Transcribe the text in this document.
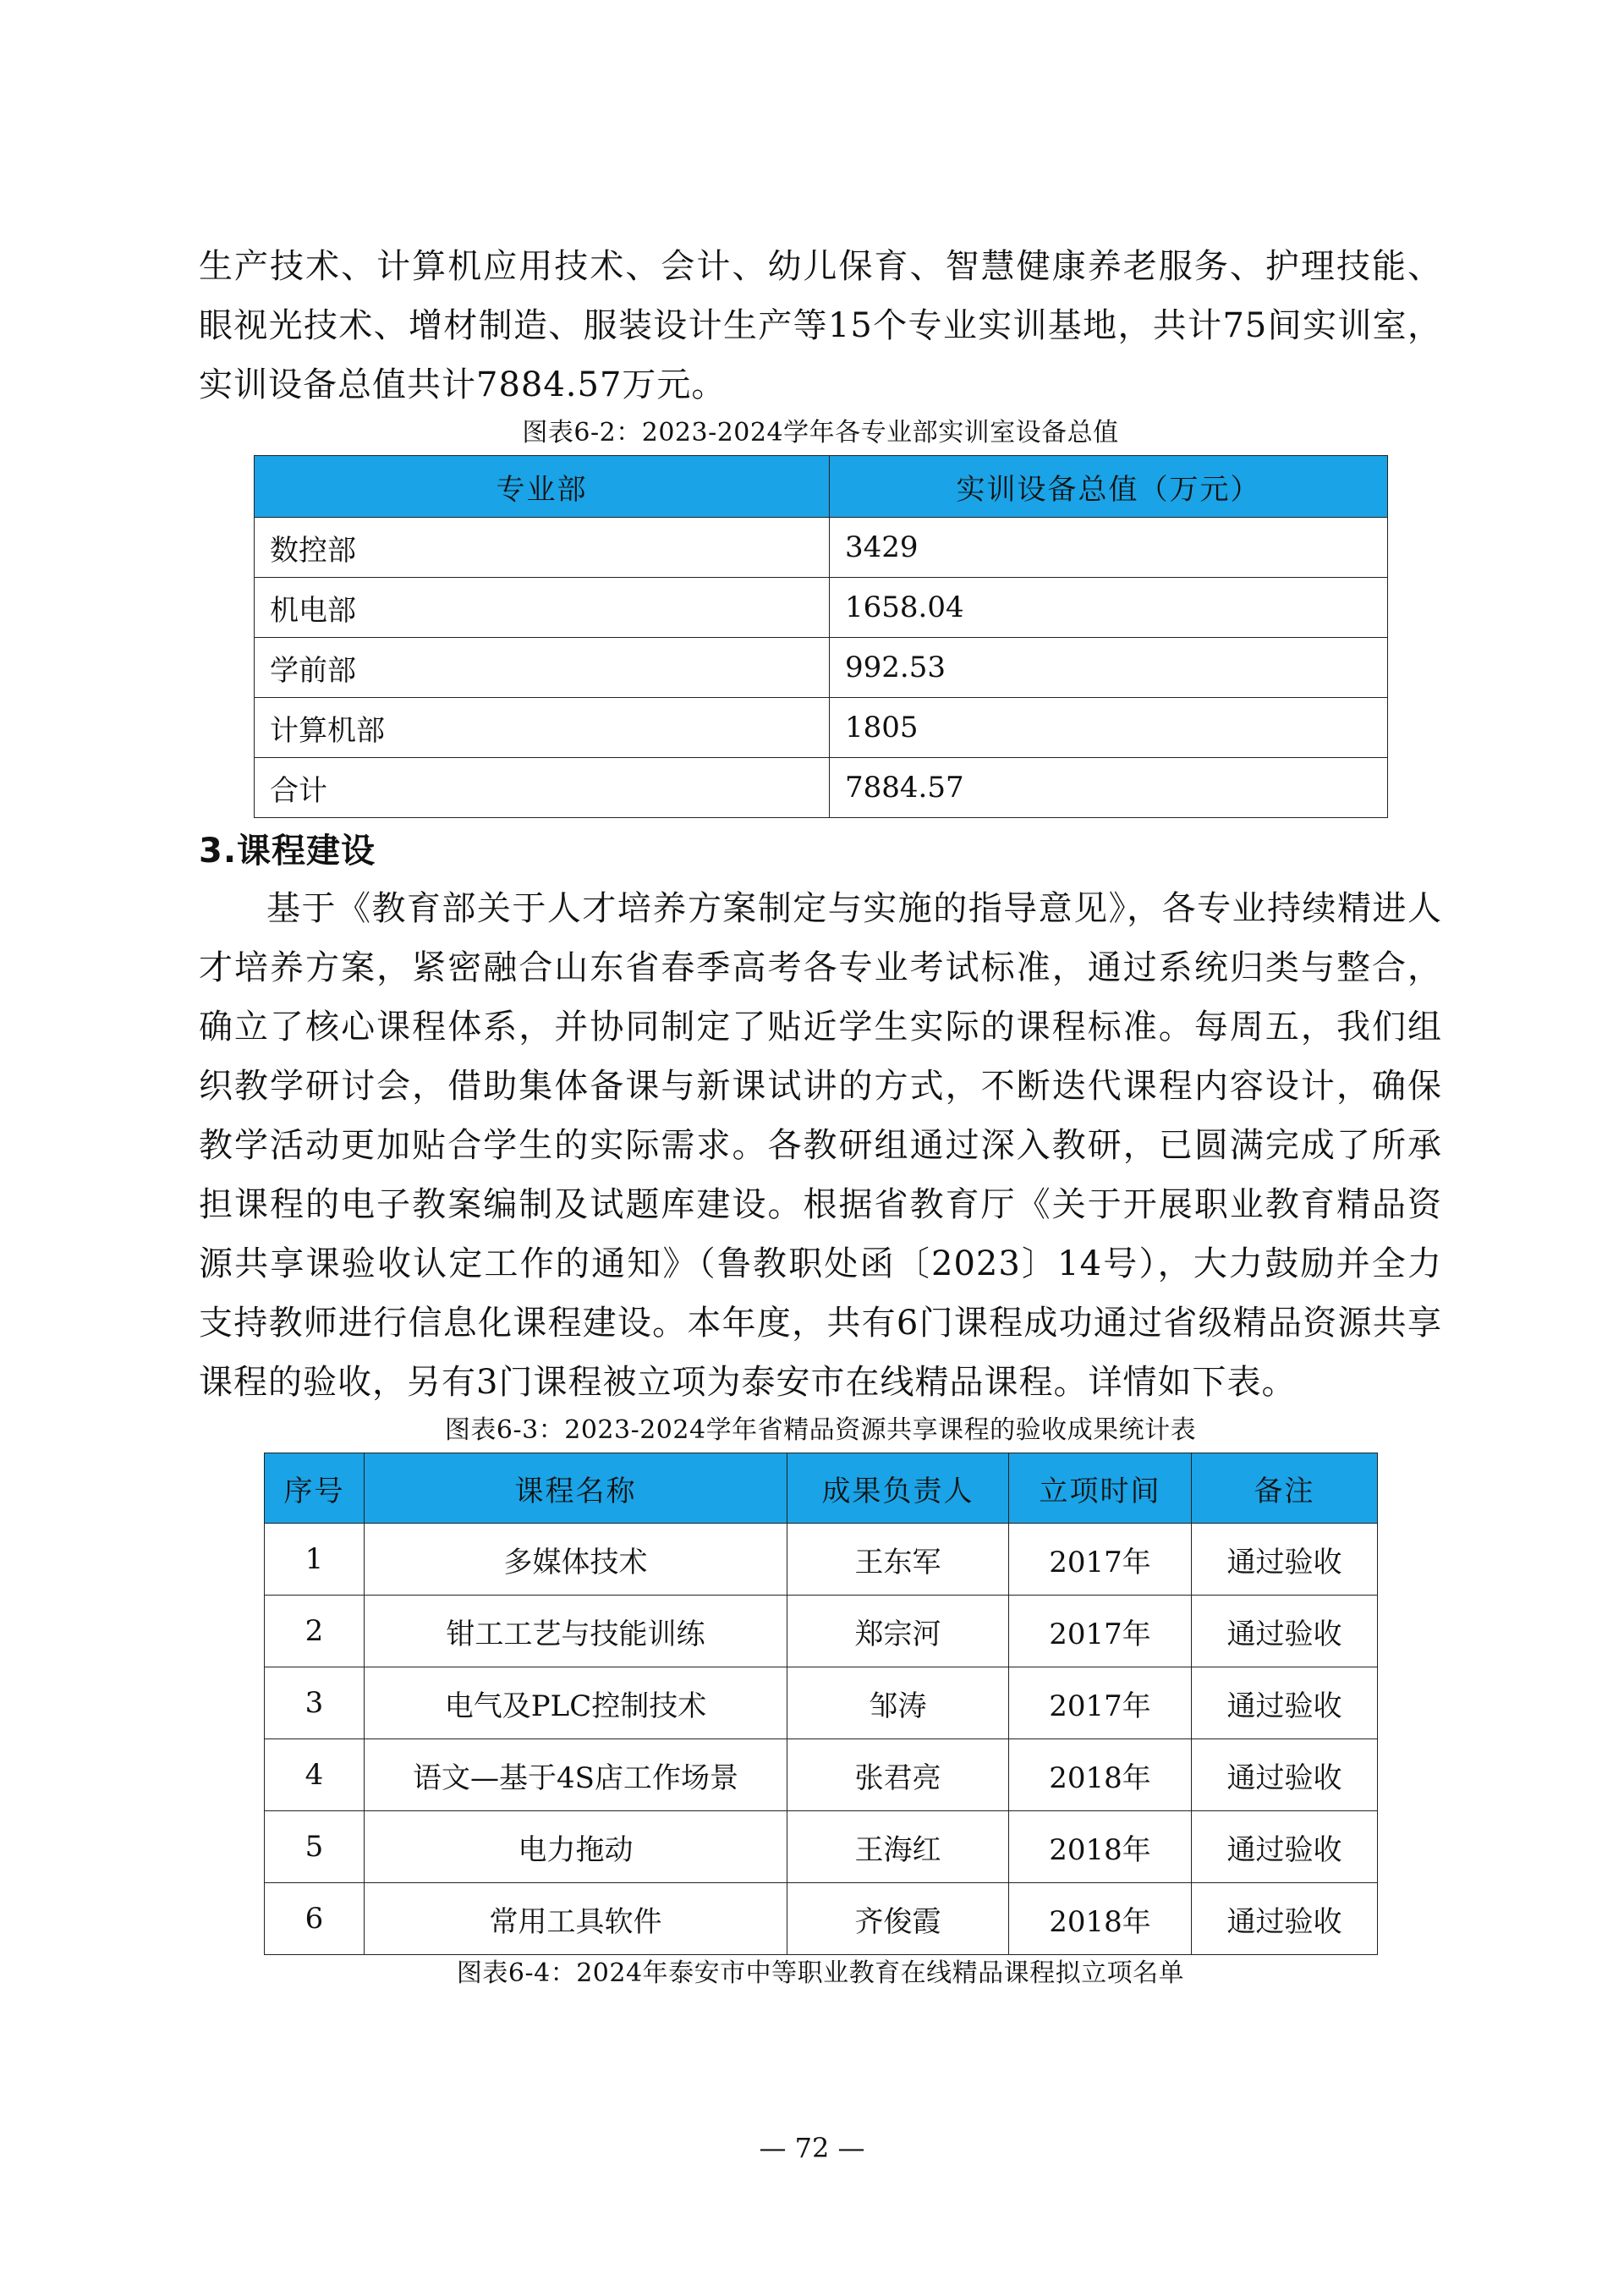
生产技术、计算机应用技术、会计、幼儿保育、智慧健康养老服务、护理技能、眼视光技术、增材制造、服装设计生产等15个专业实训基地，共计75间实训室，实训设备总值共计7884.57万元。

图表6-2：2023-2024学年各专业部实训室设备总值
专业部	实训设备总值（万元）
数控部	3429
机电部	1658.04
学前部	992.53
计算机部	1805
合计	7884.57
3.课程建设

基于《教育部关于人才培养方案制定与实施的指导意见》，各专业持续精进人才培养方案，紧密融合山东省春季高考各专业考试标准，通过系统归类与整合，确立了核心课程体系，并协同制定了贴近学生实际的课程标准。每周五，我们组织教学研讨会，借助集体备课与新课试讲的方式，不断迭代课程内容设计，确保教学活动更加贴合学生的实际需求。各教研组通过深入教研，已圆满完成了所承担课程的电子教案编制及试题库建设。根据省教育厅《关于开展职业教育精品资源共享课验收认定工作的通知》（鲁教职处函〔2023〕14号），大力鼓励并全力支持教师进行信息化课程建设。本年度，共有6门课程成功通过省级精品资源共享课程的验收，另有3门课程被立项为泰安市在线精品课程。详情如下表。

图表6-3：2023-2024学年省精品资源共享课程的验收成果统计表
序号	课程名称	成果负责人	立项时间	备注
1	多媒体技术	王东军	2017年	通过验收
2	钳工工艺与技能训练	郑宗河	2017年	通过验收
3	电气及PLC控制技术	邹涛	2017年	通过验收
4	语文—基于4S店工作场景	张君亮	2018年	通过验收
5	电力拖动	王海红	2018年	通过验收
6	常用工具软件	齐俊霞	2018年	通过验收
图表6-4：2024年泰安市中等职业教育在线精品课程拟立项名单
— 72 —
